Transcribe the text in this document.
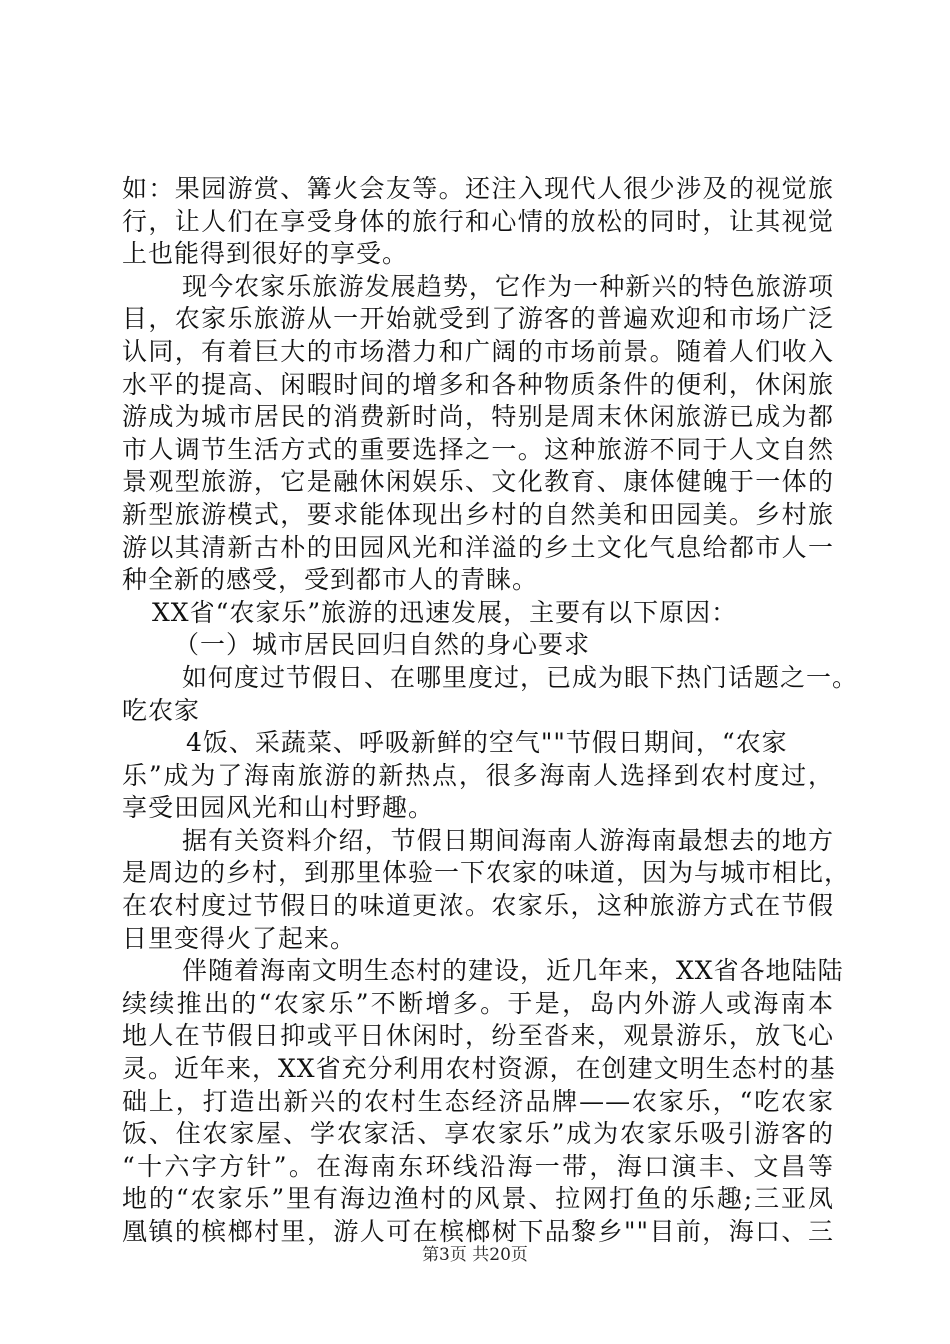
如：果园游赏、篝火会友等。还注入现代人很少涉及的视觉旅
行，让人们在享受身体的旅行和心情的放松的同时，让其视觉
上也能得到很好的享受。
现今农家乐旅游发展趋势，它作为一种新兴的特色旅游项
目，农家乐旅游从一开始就受到了游客的普遍欢迎和市场广泛
认同，有着巨大的市场潜力和广阔的市场前景。随着人们收入
水平的提高、闲暇时间的增多和各种物质条件的便利，休闲旅
游成为城市居民的消费新时尚，特别是周末休闲旅游已成为都
市人调节生活方式的重要选择之一。这种旅游不同于人文自然
景观型旅游，它是融休闲娱乐、文化教育、康体健魄于一体的
新型旅游模式，要求能体现出乡村的自然美和田园美。乡村旅
游以其清新古朴的田园风光和洋溢的乡土文化气息给都市人一
种全新的感受，受到都市人的青睐。
XX省“农家乐”旅游的迅速发展，主要有以下原因：
（一）城市居民回归自然的身心要求
如何度过节假日、在哪里度过，已成为眼下热门话题之一。
吃农家
4饭、采蔬菜、呼吸新鲜的空气""节假日期间，“农家
乐”成为了海南旅游的新热点，很多海南人选择到农村度过，
享受田园风光和山村野趣。
据有关资料介绍，节假日期间海南人游海南最想去的地方
是周边的乡村，到那里体验一下农家的味道，因为与城市相比，
在农村度过节假日的味道更浓。农家乐，这种旅游方式在节假
日里变得火了起来。
伴随着海南文明生态村的建设，近几年来，XX省各地陆陆
续续推出的“农家乐”不断增多。于是，岛内外游人或海南本
地人在节假日抑或平日休闲时，纷至沓来，观景游乐，放飞心
灵。近年来，XX省充分利用农村资源，在创建文明生态村的基
础上，打造出新兴的农村生态经济品牌——农家乐，“吃农家
饭、住农家屋、学农家活、享农家乐”成为农家乐吸引游客的
“十六字方针”。在海南东环线沿海一带，海口演丰、文昌等
地的“农家乐”里有海边渔村的风景、拉网打鱼的乐趣;三亚凤
凰镇的槟榔村里，游人可在槟榔树下品黎乡""目前，海口、三
第3页 共20页
